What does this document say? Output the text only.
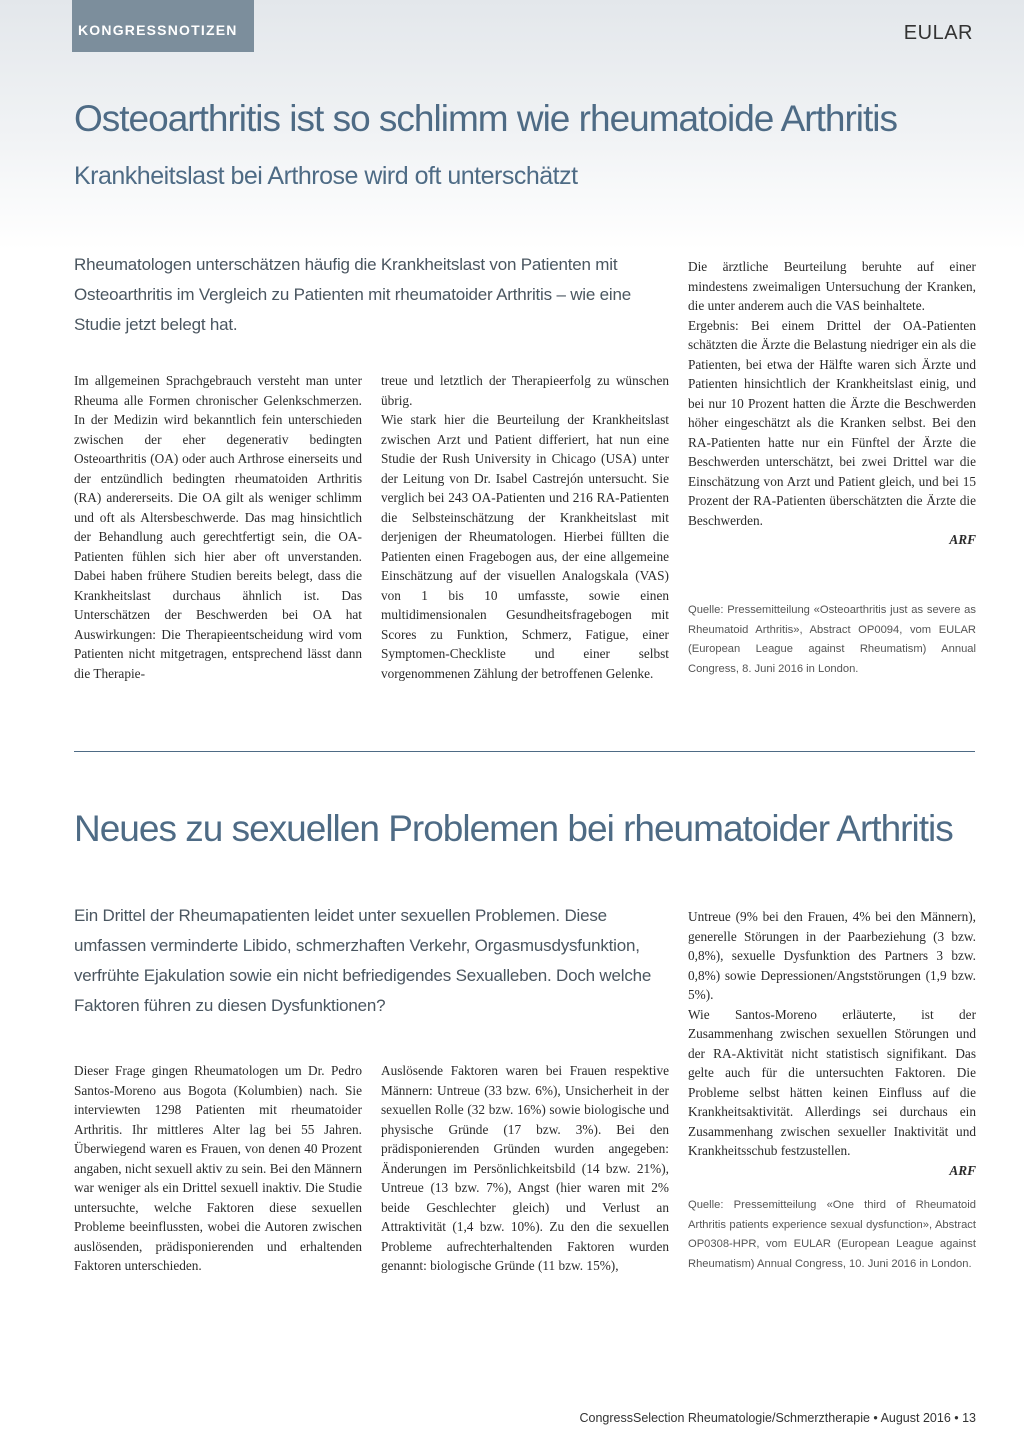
KONGRESSNOTIZEN	EULAR
Osteoarthritis ist so schlimm wie rheumatoide Arthritis
Krankheitslast bei Arthrose wird oft unterschätzt
Rheumatologen unterschätzen häufig die Krankheitslast von Patienten mit Osteoarthritis im Vergleich zu Patienten mit rheumatoider Arthritis – wie eine Studie jetzt belegt hat.

Im allgemeinen Sprachgebrauch versteht man unter Rheuma alle Formen chronischer Gelenkschmerzen. In der Medizin wird bekanntlich fein unterschieden zwischen der eher degenerativ bedingten Osteoarthritis (OA) oder auch Arthrose einerseits und der entzündlich bedingten rheumatoiden Arthritis (RA) andererseits. Die OA gilt als weniger schlimm und oft als Altersbeschwerde. Das mag hinsichtlich der Behandlung auch gerechtfertigt sein, die OA-Patienten fühlen sich hier aber oft unverstanden. Dabei haben frühere Studien bereits belegt, dass die Krankheitslast durchaus ähnlich ist. Das Unterschätzen der Beschwerden bei OA hat Auswirkungen: Die Therapieentscheidung wird vom Patienten nicht mitgetragen, entsprechend lässt dann die Therapie-

treue und letztlich der Therapieerfolg zu wünschen übrig.

Wie stark hier die Beurteilung der Krankheitslast zwischen Arzt und Patient differiert, hat nun eine Studie der Rush University in Chicago (USA) unter der Leitung von Dr. Isabel Castrejón untersucht. Sie verglich bei 243 OA-Patienten und 216 RA-Patienten die Selbsteinschätzung der Krankheitslast mit derjenigen der Rheumatologen. Hierbei füllten die Patienten einen Fragebogen aus, der eine allgemeine Einschätzung auf der visuellen Analogskala (VAS) von 1 bis 10 umfasste, sowie einen multidimensionalen Gesundheitsfragebogen mit Scores zu Funktion, Schmerz, Fatigue, einer Symptomen-Checkliste und einer selbst vorgenommenen Zählung der betroffenen Gelenke.

Die ärztliche Beurteilung beruhte auf einer mindestens zweimaligen Untersuchung der Kranken, die unter anderem auch die VAS beinhaltete.

Ergebnis: Bei einem Drittel der OA-Patienten schätzten die Ärzte die Belastung niedriger ein als die Patienten, bei etwa der Hälfte waren sich Ärzte und Patienten hinsichtlich der Krankheitslast einig, und bei nur 10 Prozent hatten die Ärzte die Beschwerden höher eingeschätzt als die Kranken selbst. Bei den RA-Patienten hatte nur ein Fünftel der Ärzte die Beschwerden unterschätzt, bei zwei Drittel war die Einschätzung von Arzt und Patient gleich, und bei 15 Prozent der RA-Patienten überschätzten die Ärzte die Beschwerden.

ARF

Quelle: Pressemitteilung «Osteoarthritis just as severe as Rheumatoid Arthritis», Abstract OP0094, vom EULAR (European League against Rheumatism) Annual Congress, 8. Juni 2016 in London.
Neues zu sexuellen Problemen bei rheumatoider Arthritis
Ein Drittel der Rheumapatienten leidet unter sexuellen Problemen. Diese umfassen verminderte Libido, schmerzhaften Verkehr, Orgasmusdysfunktion, verfrühte Ejakulation sowie ein nicht befriedigendes Sexualleben. Doch welche Faktoren führen zu diesen Dysfunktionen?

Dieser Frage gingen Rheumatologen um Dr. Pedro Santos-Moreno aus Bogota (Kolumbien) nach. Sie interviewten 1298 Patienten mit rheumatoider Arthritis. Ihr mittleres Alter lag bei 55 Jahren. Überwiegend waren es Frauen, von denen 40 Prozent angaben, nicht sexuell aktiv zu sein. Bei den Männern war weniger als ein Drittel sexuell inaktiv. Die Studie untersuchte, welche Faktoren diese sexuellen Probleme beeinflussten, wobei die Autoren zwischen auslösenden, prädisponierenden und erhaltenden Faktoren unterschieden.

Auslösende Faktoren waren bei Frauen respektive Männern: Untreue (33 bzw. 6%), Unsicherheit in der sexuellen Rolle (32 bzw. 16%) sowie biologische und physische Gründe (17 bzw. 3%). Bei den prädisponierenden Gründen wurden angegeben: Änderungen im Persönlichkeitsbild (14 bzw. 21%), Untreue (13 bzw. 7%), Angst (hier waren mit 2% beide Geschlechter gleich) und Verlust an Attraktivität (1,4 bzw. 10%). Zu den die sexuellen Probleme aufrechterhaltenden Faktoren wurden genannt: biologische Gründe (11 bzw. 15%),

Untreue (9% bei den Frauen, 4% bei den Männern), generelle Störungen in der Paarbeziehung (3 bzw. 0,8%), sexuelle Dysfunktion des Partners 3 bzw. 0,8%) sowie Depressionen/Angststörungen (1,9 bzw. 5%).

Wie Santos-Moreno erläuterte, ist der Zusammenhang zwischen sexuellen Störungen und der RA-Aktivität nicht statistisch signifikant. Das gelte auch für die untersuchten Faktoren. Die Probleme selbst hätten keinen Einfluss auf die Krankheitsaktivität. Allerdings sei durchaus ein Zusammenhang zwischen sexueller Inaktivität und Krankheitsschub festzustellen.

ARF

Quelle: Pressemitteilung «One third of Rheumatoid Arthritis patients experience sexual dysfunction», Abstract OP0308-HPR, vom EULAR (European League against Rheumatism) Annual Congress, 10. Juni 2016 in London.
CongressSelection Rheumatologie/Schmerztherapie • August 2016 • 13
